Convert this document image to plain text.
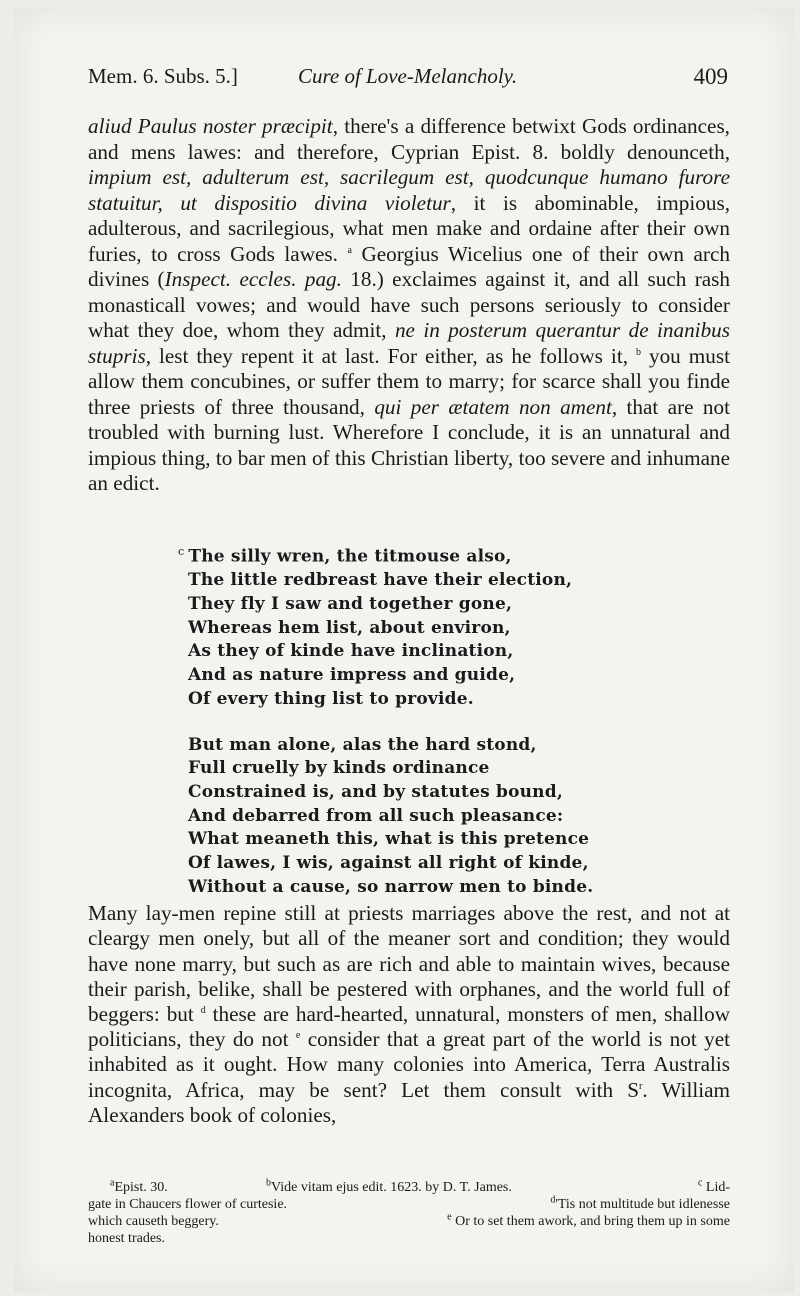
Mem. 6. Subs. 5.]	Cure of Love-Melancholy.	409

aliud Paulus noster præcipit, there's a difference betwixt Gods ordinances, and mens lawes: and therefore, Cyprian Epist. 8. boldly denounceth, impium est, adulterum est, sacrilegum est, quodcunque humano furore statuitur, ut dispositio divina violetur, it is abominable, impious, adulterous, and sacrilegious, what men make and ordaine after their own furies, to cross Gods lawes. $^a$ Georgius Wicelius one of their own arch divines (Inspect. eccles. pag. 18.) exclaimes against it, and all such rash monasticall vowes; and would have such persons seriously to consider what they doe, whom they admit, ne in posterum querantur de inanibus stupris, lest they repent it at last. For either, as he follows it, $^b$ you must allow them concubines, or suffer them to marry; for scarce shall you finde three priests of three thousand, qui per ætatem non ament, that are not troubled with burning lust. Wherefore I conclude, it is an unnatural and impious thing, to bar men of this Christian liberty, too severe and inhumane an edict.

$^c$ The silly wren, the titmouse also,
The little redbreast have their election,
They fly I saw and together gone,
Whereas hem list, about environ,
As they of kinde have inclination,
And as nature impress and guide,
Of every thing list to provide.
But man alone, alas the hard stond,
Full cruelly by kinds ordinance
Constrained is, and by statutes bound,
And debarred from all such pleasance:
What meaneth this, what is this pretence
Of lawes, I wis, against all right of kinde,
Without a cause, so narrow men to binde.

Many lay-men repine still at priests marriages above the rest, and not at cleargy men onely, but all of the meaner sort and condition; they would have none marry, but such as are rich and able to maintain wives, because their parish, belike, shall be pestered with orphanes, and the world full of beggers: but $^d$ these are hard-hearted, unnatural, monsters of men, shallow politicians, they do not $^e$ consider that a great part of the world is not yet inhabited as it ought. How many colonies into America, Terra Australis incognita, Africa, may be sent? Let them consult with $S^r$. William Alexanders book of colonies,

$^a$Epist. 30.	$^b$Vide vitam ejus edit. 1623. by D. T. James.	$^c$ Lid-
gate in Chaucers flower of curtesie.	$^d$'Tis not multitude but idlenesse
which causeth beggery.	$^e$ Or to set them awork, and bring them up in some
honest trades.
